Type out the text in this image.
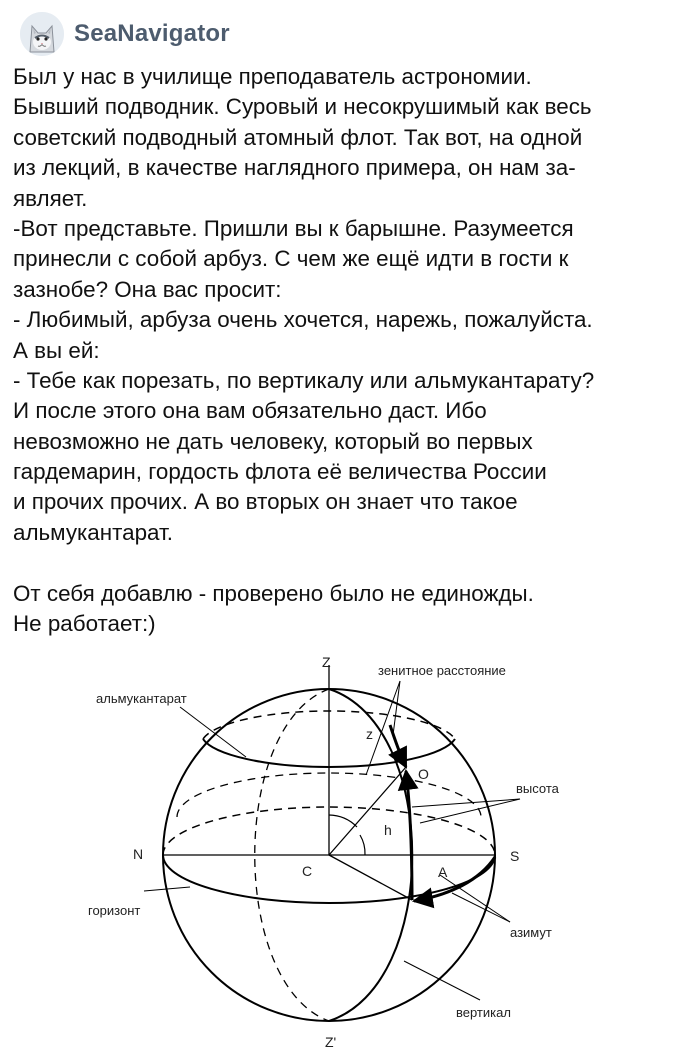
SeaNavigator
Был у нас в училище преподаватель астрономии.
Бывший подводник. Суровый и несокрушимый как весь
советский подводный атомный флот. Так вот, на одной
из лекций, в качестве наглядного примера, он нам за-
являет.
-Вот представьте. Пришли вы к барышне. Разумеется
принесли с собой арбуз. С чем же ещё идти в гости к
зазнобе? Она вас просит:
- Любимый, арбуза очень хочется, нарежь, пожалуйста.
А вы ей:
- Тебе как порезать, по вертикалу или альмукантарату?
И после этого она вам обязательно даст. Ибо
невозможно не дать человеку, который во первых
гардемарин, гордость флота её величества России
и прочих прочих. А во вторых он знает что такое
альмукантарат.
От себя добавлю - проверено было не единожды.
Не работает:)
Z
зенитное расстояние
альмукантарат
z
O
высота
h
N	S
C	A
горизонт
азимут
вертикал
Z'
